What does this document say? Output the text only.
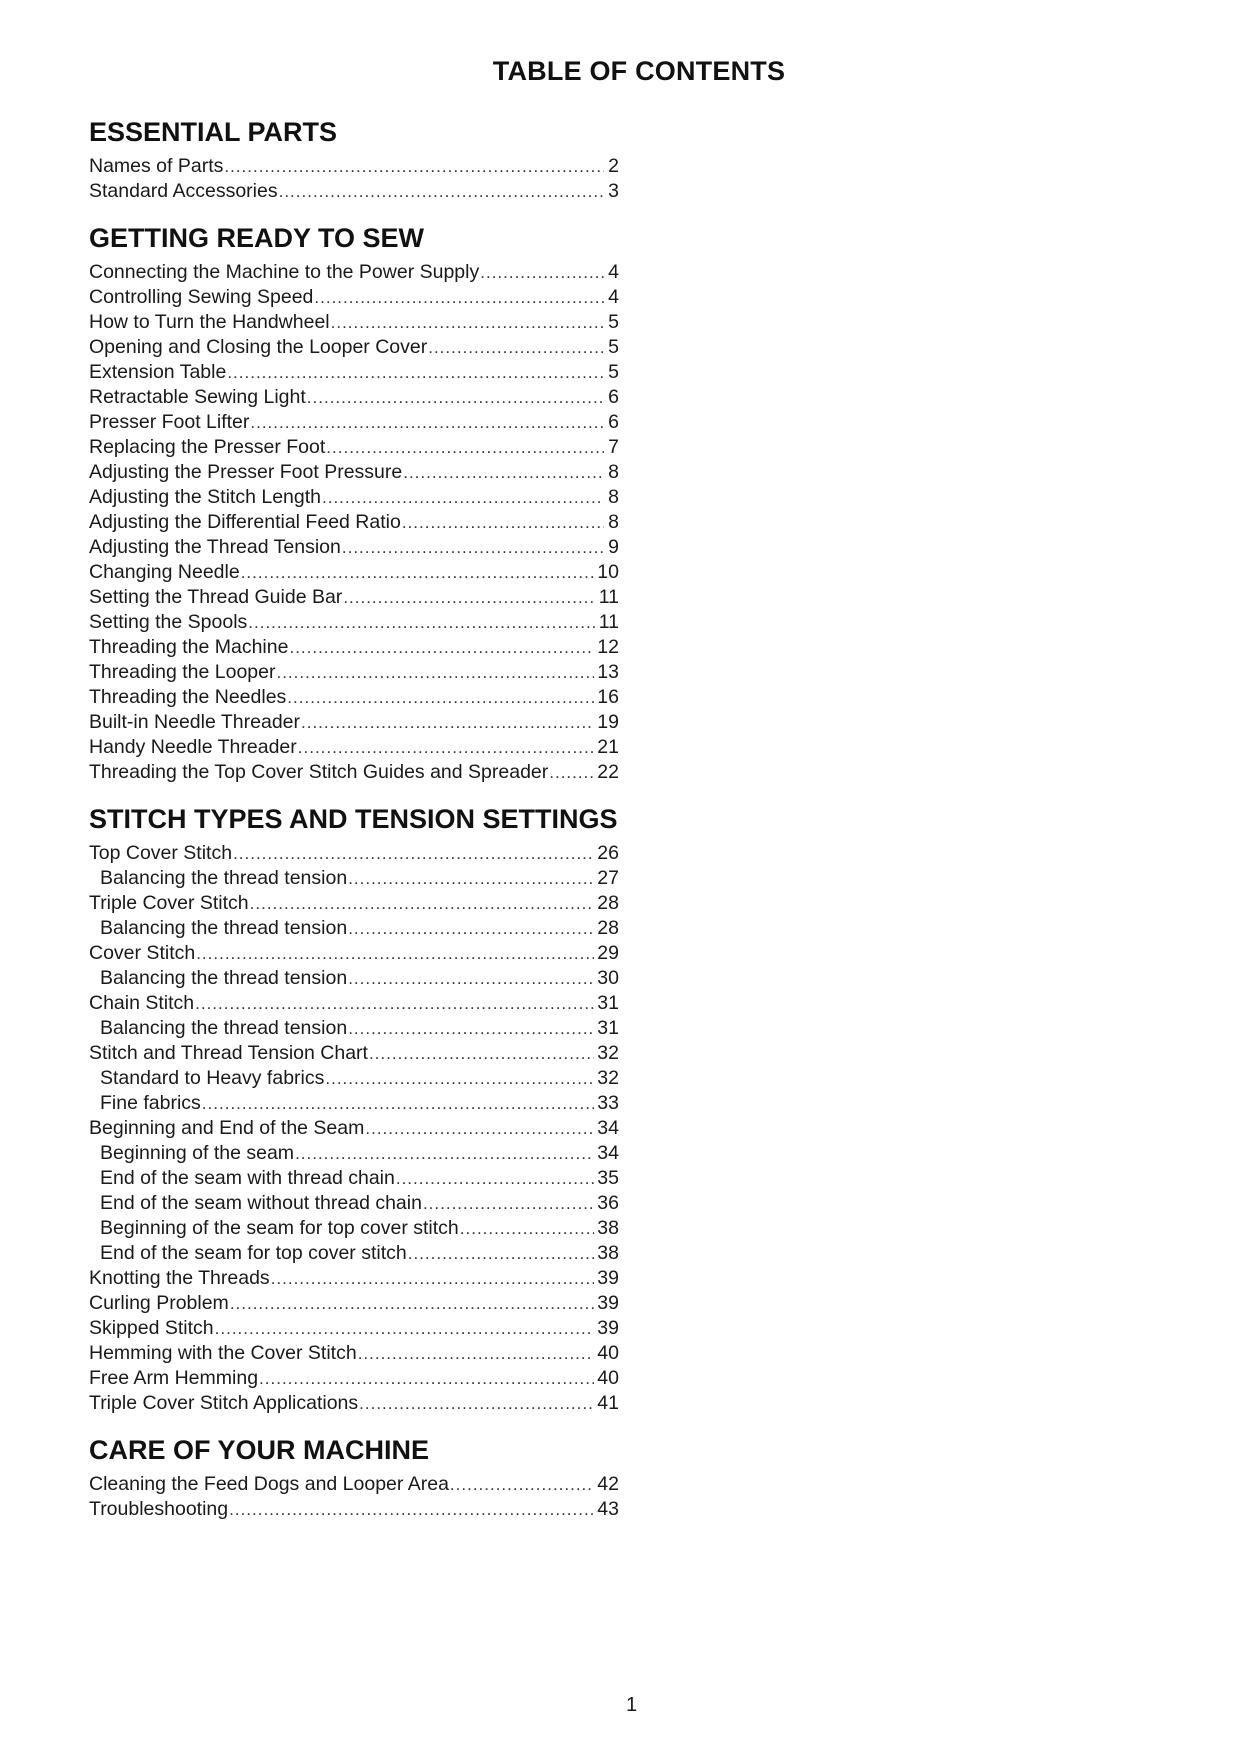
TABLE OF CONTENTS
ESSENTIAL PARTS
Names of Parts .....	2
Standard Accessories .....	3
GETTING READY TO SEW
Connecting the Machine to the Power Supply .....	4
Controlling Sewing Speed .....	4
How to Turn the Handwheel .....	5
Opening and Closing the Looper Cover .....	5
Extension Table .....	5
Retractable Sewing Light .....	6
Presser Foot Lifter .....	6
Replacing the Presser Foot .....	7
Adjusting the Presser Foot Pressure .....	8
Adjusting the Stitch Length .....	8
Adjusting the Differential Feed Ratio .....	8
Adjusting the Thread Tension .....	9
Changing Needle .....	10
Setting the Thread Guide Bar .....	11
Setting the Spools .....	11
Threading the Machine .....	12
Threading the Looper .....	13
Threading the Needles .....	16
Built-in Needle Threader .....	19
Handy Needle Threader .....	21
Threading the Top Cover Stitch Guides and Spreader .....	22
STITCH TYPES AND TENSION SETTINGS
Top Cover Stitch .....	26
Balancing the thread tension .....	27
Triple Cover Stitch .....	28
Balancing the thread tension .....	28
Cover Stitch .....	29
Balancing the thread tension .....	30
Chain Stitch .....	31
Balancing the thread tension .....	31
Stitch and Thread Tension Chart .....	32
Standard to Heavy fabrics .....	32
Fine fabrics .....	33
Beginning and End of the Seam .....	34
Beginning of the seam .....	34
End of the seam with thread chain .....	35
End of the seam without thread chain .....	36
Beginning of the seam for top cover stitch .....	38
End of the seam for top cover stitch .....	38
Knotting the Threads .....	39
Curling Problem .....	39
Skipped Stitch .....	39
Hemming with the Cover Stitch .....	40
Free Arm Hemming .....	40
Triple Cover Stitch Applications .....	41
CARE OF YOUR MACHINE
Cleaning the Feed Dogs and Looper Area .....	42
Troubleshooting .....	43
1
